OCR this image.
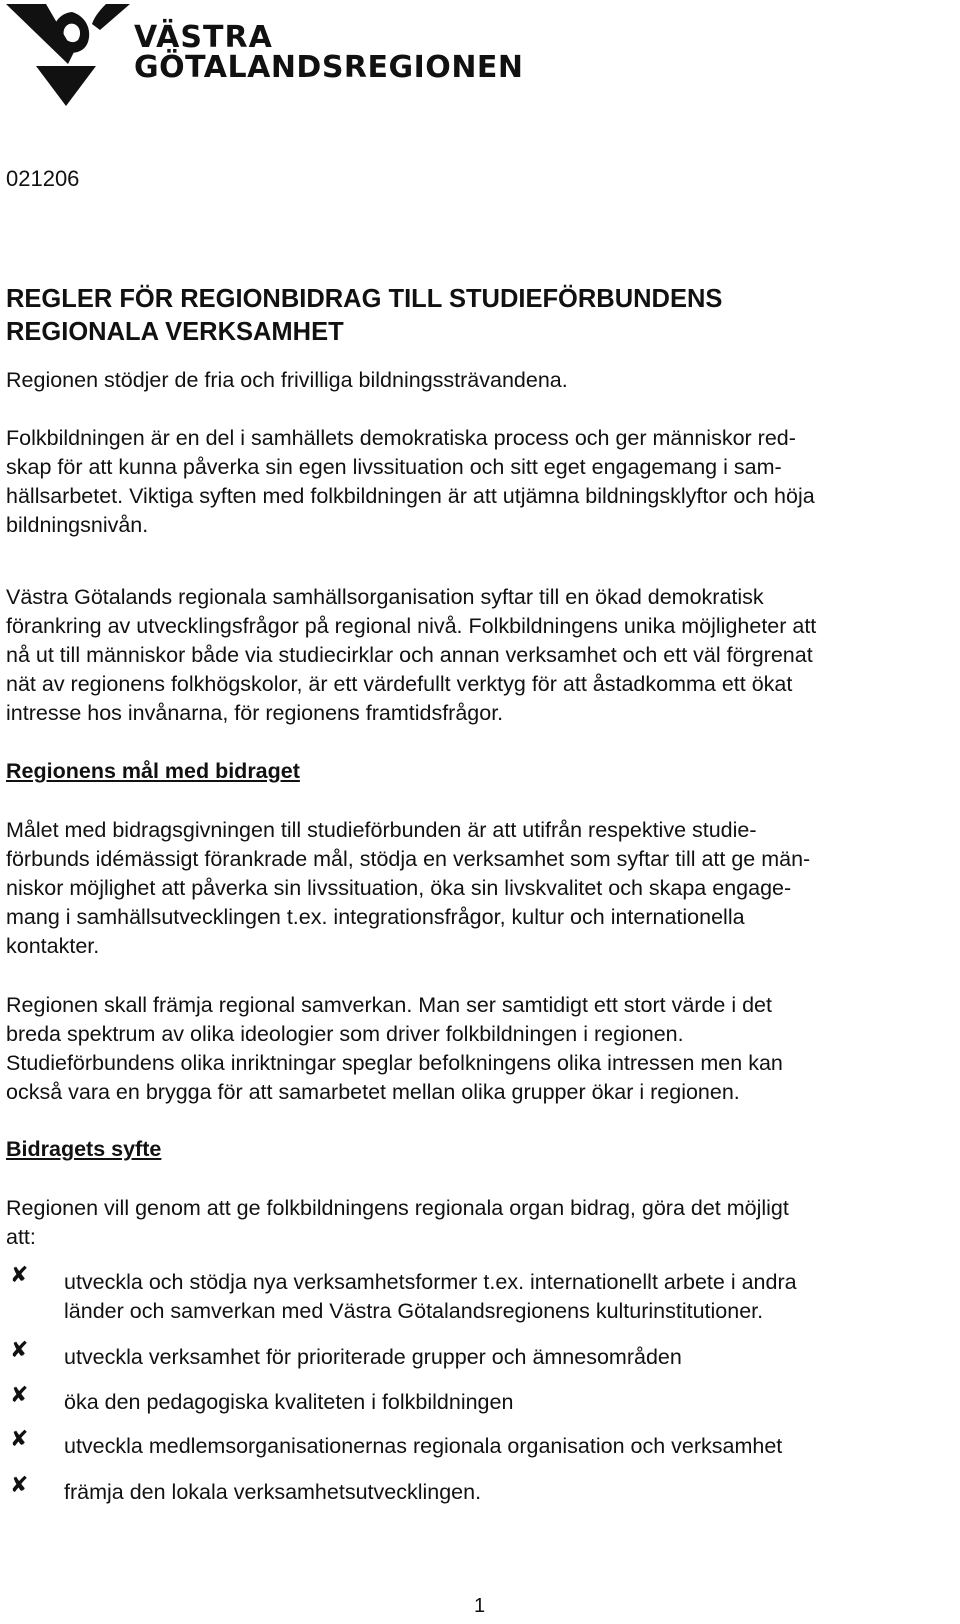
VÄSTRA
GÖTALANDSREGIONEN
021206
REGLER FÖR REGIONBIDRAG TILL STUDIEFÖRBUNDENS
REGIONALA VERKSAMHET
Regionen stödjer de fria och frivilliga bildningssträvandena.
Folkbildningen är en del i samhällets demokratiska process och ger människor red-
skap för att kunna påverka sin egen livssituation och sitt eget engagemang i sam-
hällsarbetet. Viktiga syften med folkbildningen är att utjämna bildningsklyftor och höja
bildningsnivån.
Västra Götalands regionala samhällsorganisation syftar till en ökad demokratisk
förankring av utvecklingsfrågor på regional nivå. Folkbildningens unika möjligheter att
nå ut till människor både via studiecirklar och annan verksamhet och ett väl förgrenat
nät av regionens folkhögskolor, är ett värdefullt verktyg för att åstadkomma ett ökat
intresse hos invånarna, för regionens framtidsfrågor.
Regionens mål med bidraget
Målet med bidragsgivningen till studieförbunden är att utifrån respektive studie-
förbunds idémässigt förankrade mål, stödja en verksamhet som syftar till att ge män-
niskor möjlighet att påverka sin livssituation, öka sin livskvalitet och skapa engage-
mang i samhällsutvecklingen t.ex. integrationsfrågor, kultur och internationella
kontakter.
Regionen skall främja regional samverkan. Man ser samtidigt ett stort värde i det
breda spektrum av olika ideologier som driver folkbildningen i regionen.
Studieförbundens olika inriktningar speglar befolkningens olika intressen men kan
också vara en brygga för att samarbetet mellan olika grupper ökar i regionen.
Bidragets syfte
Regionen vill genom att ge folkbildningens regionala organ bidrag, göra det möjligt
att:
✘ utveckla och stödja nya verksamhetsformer t.ex. internationellt arbete i andra
länder och samverkan med Västra Götalandsregionens kulturinstitutioner.
✘ utveckla verksamhet för prioriterade grupper och ämnesområden
✘ öka den pedagogiska kvaliteten i folkbildningen
✘ utveckla medlemsorganisationernas regionala organisation och verksamhet
✘ främja den lokala verksamhetsutvecklingen.
1
